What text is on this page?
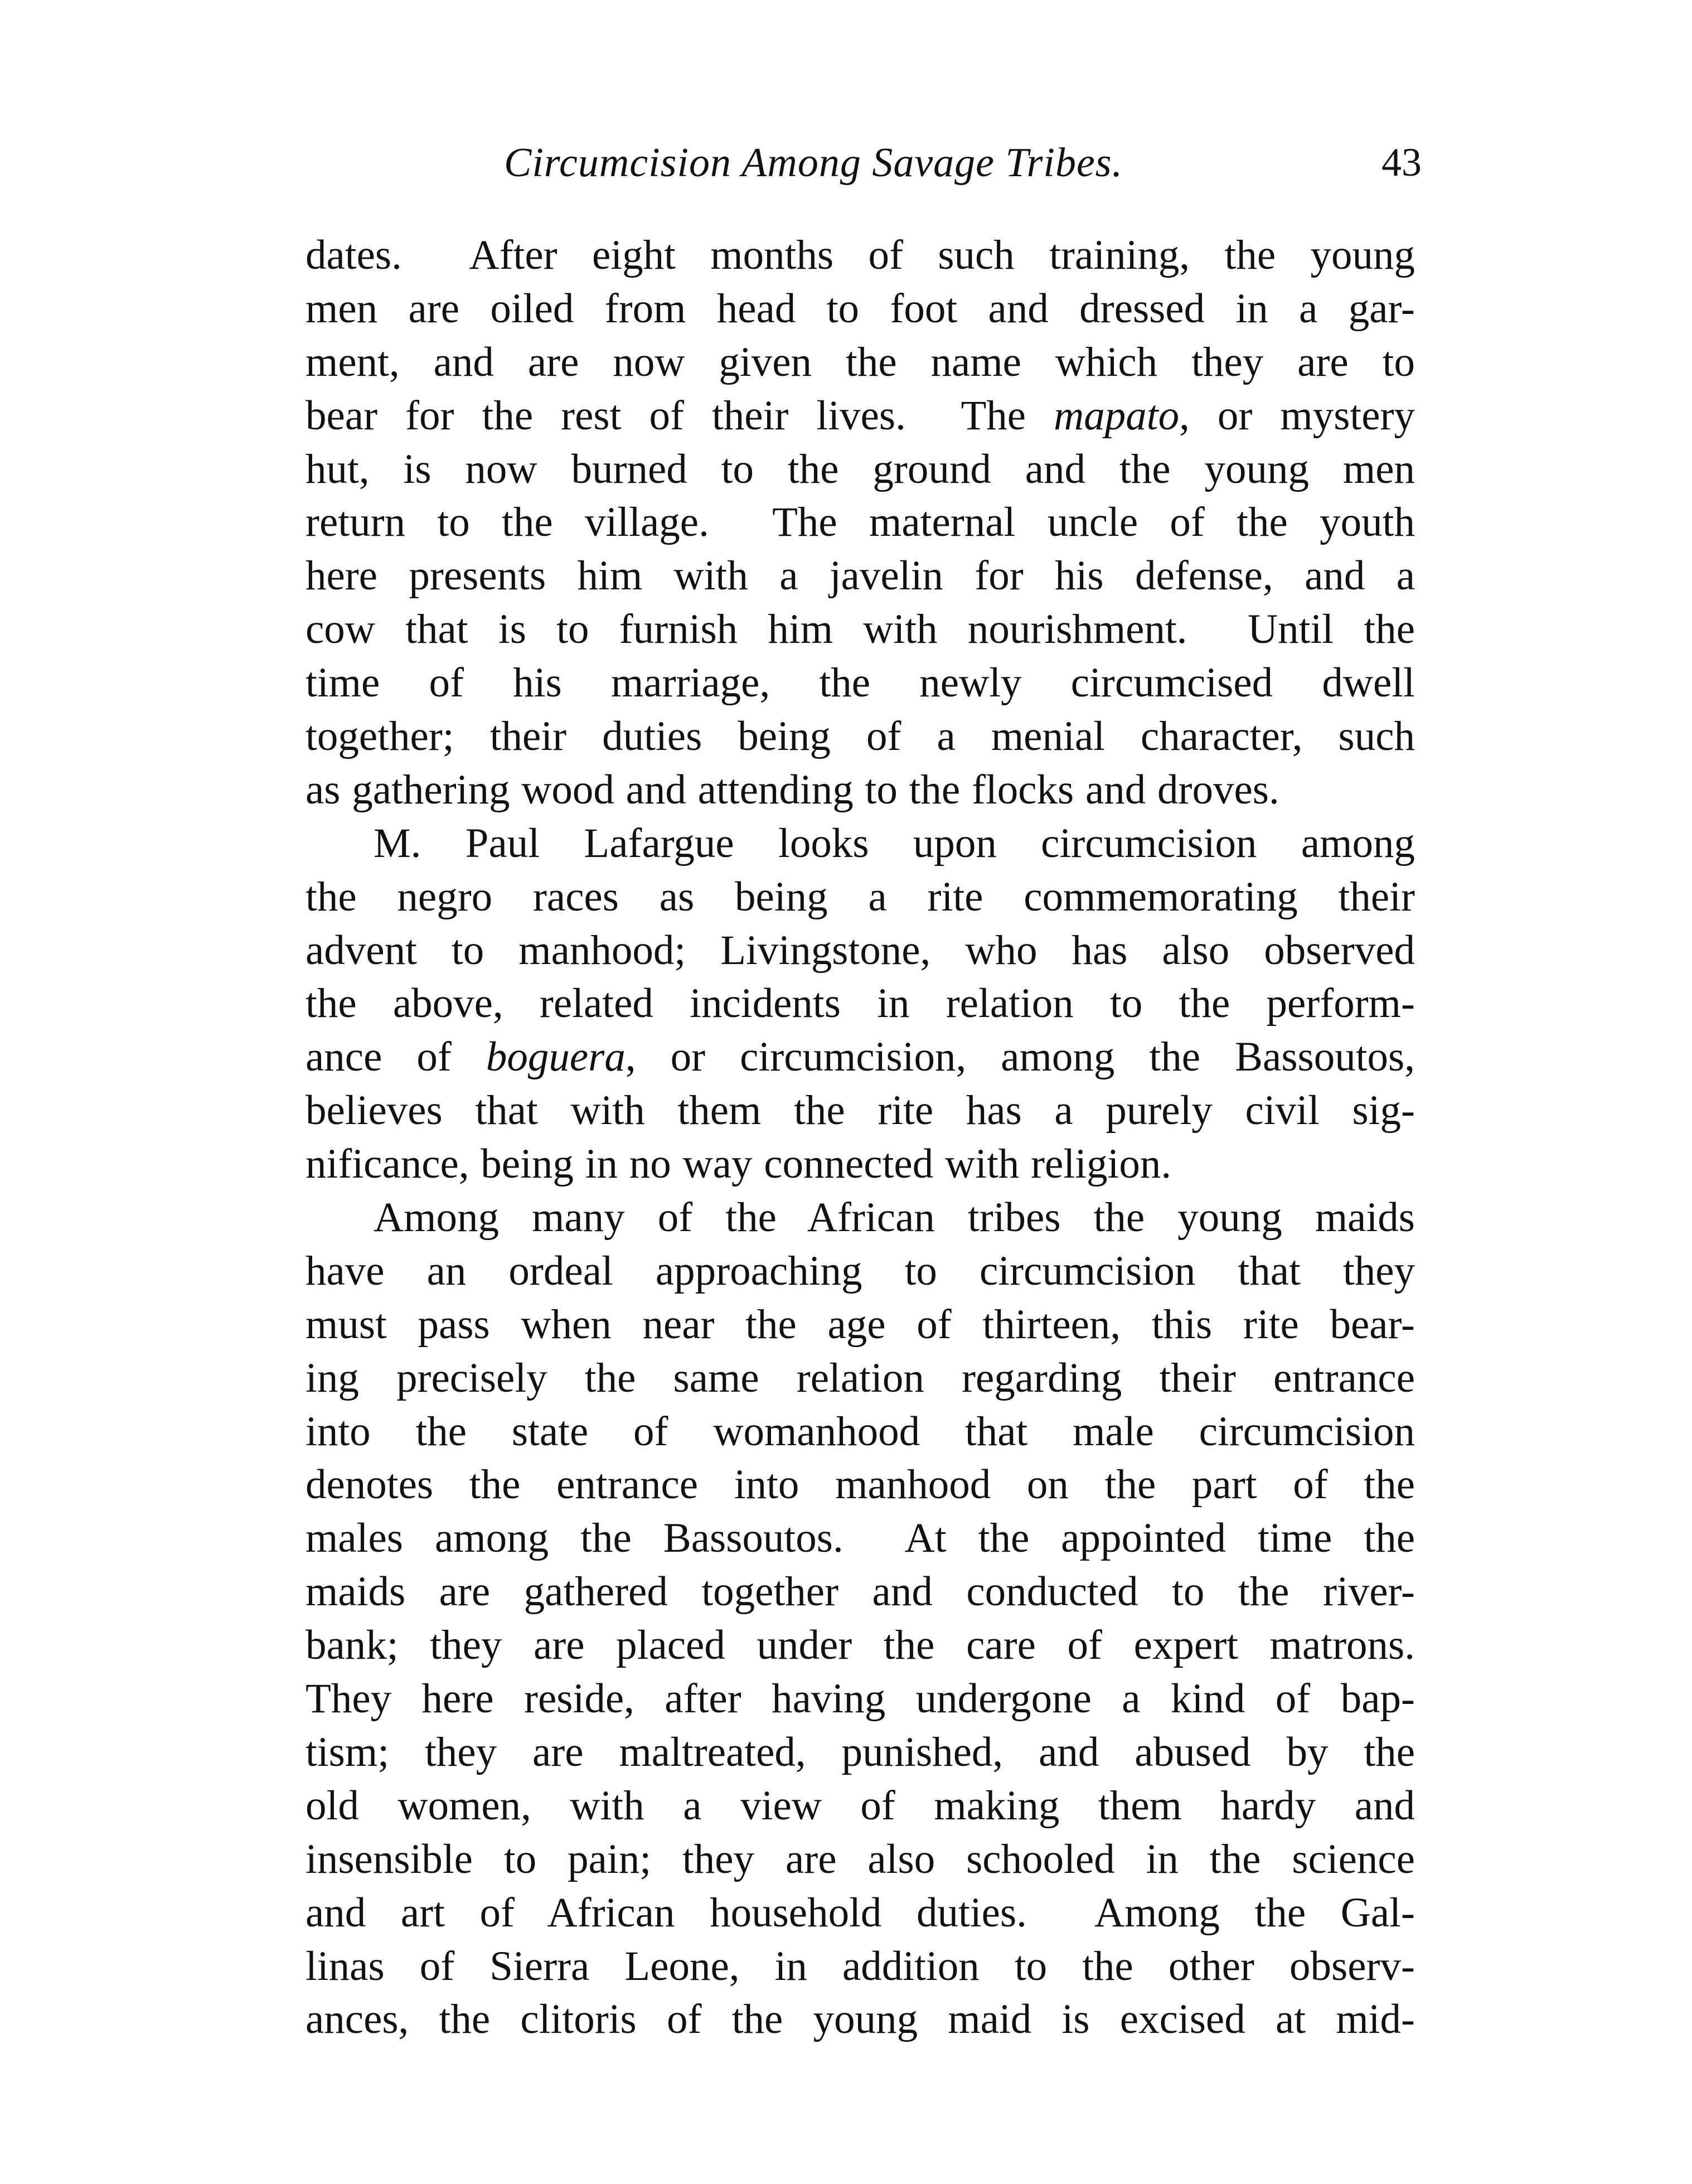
Circumcision Among Savage Tribes.	43
dates.  After eight months of such training, the young
men are oiled from head to foot and dressed in a gar-
ment, and are now given the name which they are to
bear for the rest of their lives.  The mapato, or mystery
hut, is now burned to the ground and the young men
return to the village.  The maternal uncle of the youth
here presents him with a javelin for his defense, and a
cow that is to furnish him with nourishment.  Until the
time of his marriage, the newly circumcised dwell
together; their duties being of a menial character, such
as gathering wood and attending to the flocks and droves.
M. Paul Lafargue looks upon circumcision among
the negro races as being a rite commemorating their
advent to manhood; Livingstone, who has also observed
the above, related incidents in relation to the perform-
ance of boguera, or circumcision, among the Bassoutos,
believes that with them the rite has a purely civil sig-
nificance, being in no way connected with religion.
Among many of the African tribes the young maids
have an ordeal approaching to circumcision that they
must pass when near the age of thirteen, this rite bear-
ing precisely the same relation regarding their entrance
into the state of womanhood that male circumcision
denotes the entrance into manhood on the part of the
males among the Bassoutos.  At the appointed time the
maids are gathered together and conducted to the river-
bank; they are placed under the care of expert matrons.
They here reside, after having undergone a kind of bap-
tism; they are maltreated, punished, and abused by the
old women, with a view of making them hardy and
insensible to pain; they are also schooled in the science
and art of African household duties.  Among the Gal-
linas of Sierra Leone, in addition to the other observ-
ances, the clitoris of the young maid is excised at mid-
